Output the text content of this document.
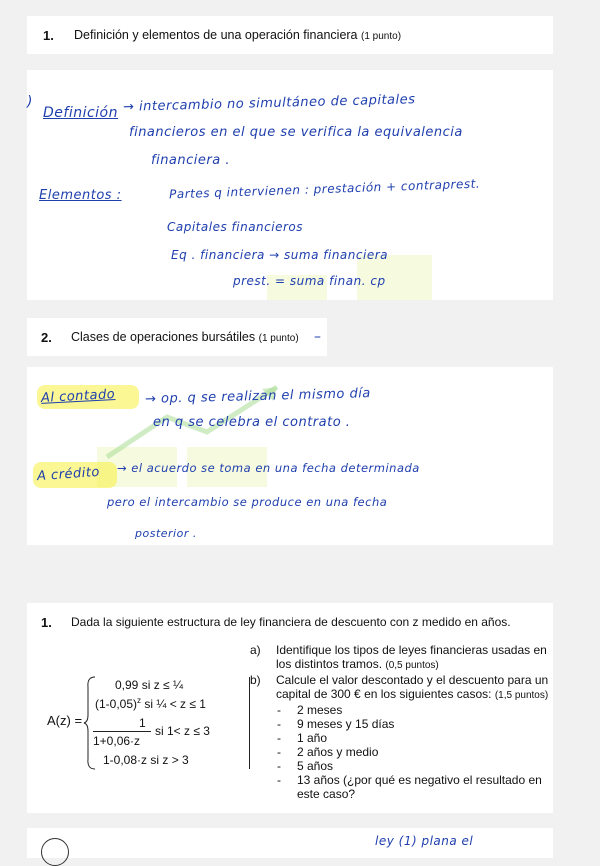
1. Definición y elementos de una operación financiera (1 punto)
)
Definición → intercambio no simultáneo de capitales
financieros en el que se verifica la equivalencia
financiera .
Elementos :	Partes q intervienen : prestación + contraprest.
Capitales financieros
Eq . financiera → suma financiera
prest. = suma finan. cp
2. Clases de operaciones bursátiles (1 punto) –
Al contado → op. q se realizan el mismo día
en q se celebra el contrato .
A crédito → el acuerdo se toma en una fecha determinada
pero el intercambio se produce en una fecha
posterior .
1. Dada la siguiente estructura de ley financiera de descuento con z medido en años.
A(z) =
0,99 si z ≤ ¼
$(1-0,05)^z$ si ¼ < z ≤ 1
1
1+0,06·z
si 1< z ≤ 3
1-0,08·z si z > 3
a) Identifique los tipos de leyes financieras usadas en los distintos tramos. (0,5 puntos)
b) Calcule el valor descontado y el descuento para un capital de 300 € en los siguientes casos: (1,5 puntos)
- 2 meses
- 9 meses y 15 días
- 1 año
- 2 años y medio
- 5 años
- 13 años (¿por qué es negativo el resultado en este caso?
ley (1) plana el
